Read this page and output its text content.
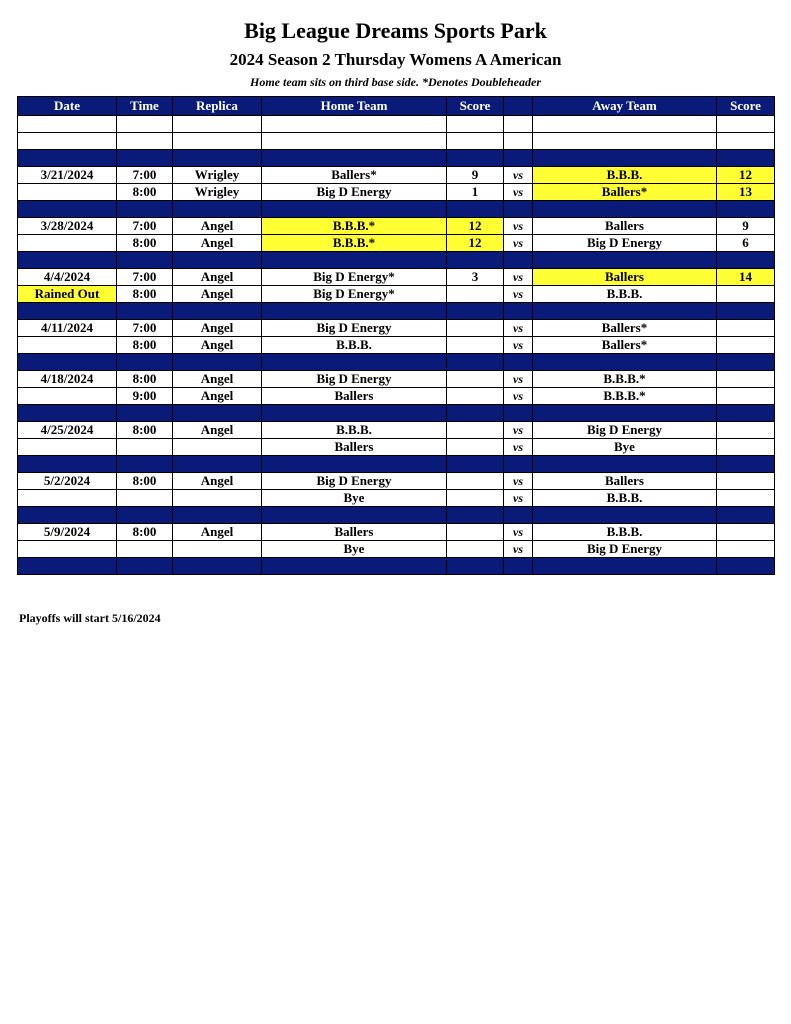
Big League Dreams Sports Park
2024 Season 2 Thursday Womens A American
Home team sits on third base side. *Denotes Doubleheader
Date	Time	Replica	Home Team	Score		Away Team	Score

3/21/2024	7:00	Wrigley	Ballers*	9	vs	B.B.B.	12
	8:00	Wrigley	Big D Energy	1	vs	Ballers*	13

3/28/2024	7:00	Angel	B.B.B.*	12	vs	Ballers	9
	8:00	Angel	B.B.B.*	12	vs	Big D Energy	6

4/4/2024	7:00	Angel	Big D Energy*	3	vs	Ballers	14
Rained Out	8:00	Angel	Big D Energy*		vs	B.B.B.	

4/11/2024	7:00	Angel	Big D Energy		vs	Ballers*	
	8:00	Angel	B.B.B.		vs	Ballers*	

4/18/2024	8:00	Angel	Big D Energy		vs	B.B.B.*	
	9:00	Angel	Ballers		vs	B.B.B.*	

4/25/2024	8:00	Angel	B.B.B.		vs	Big D Energy	
			Ballers		vs	Bye	

5/2/2024	8:00	Angel	Big D Energy		vs	Ballers	
			Bye		vs	B.B.B.	

5/9/2024	8:00	Angel	Ballers		vs	B.B.B.	
			Bye		vs	Big D Energy	

Playoffs will start 5/16/2024
